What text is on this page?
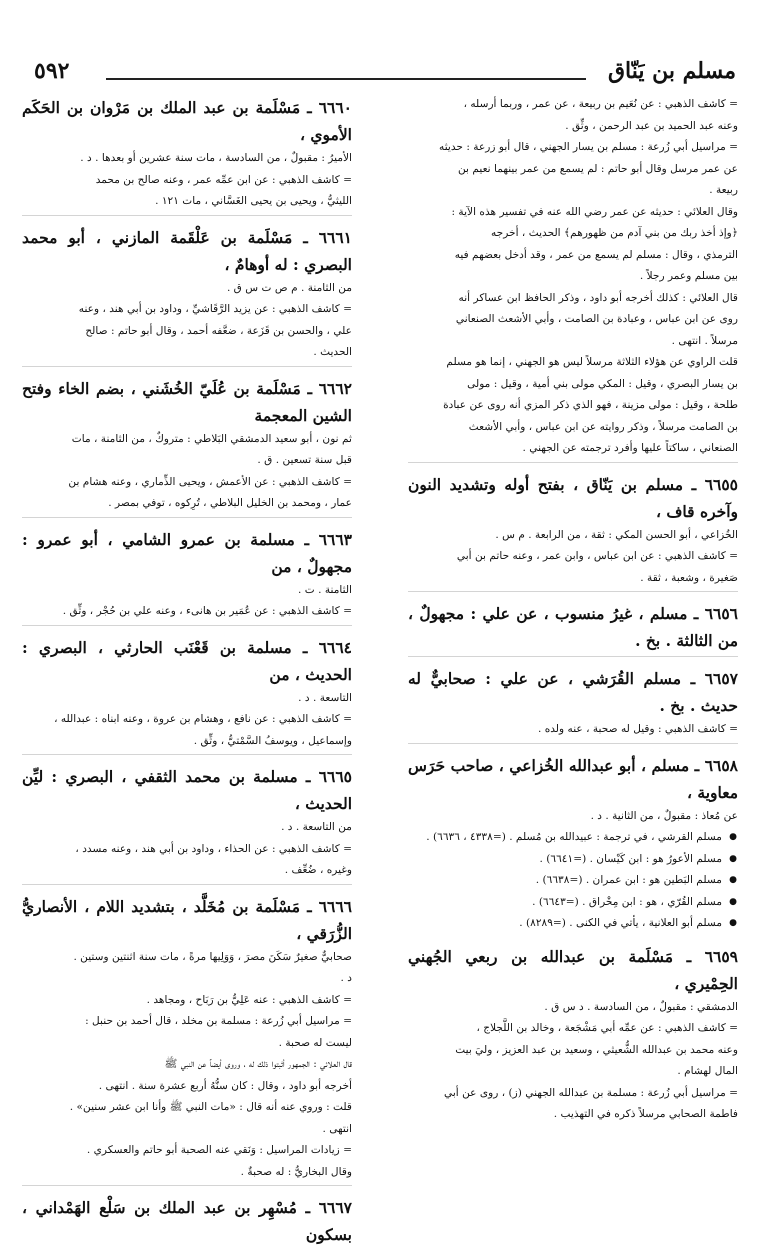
مسلم بن يَنّاق
٥٩٢

= كاشف الذهبي : عن نُعَيم بن ربيعة ، عن عمر ، وربما أرسله ،

وعنه عبد الحميد بن عبد الرحمن ، وثِّق .

= مراسيل أبي زُرعة : مسلم بن يسار الجهني ، قال أبو زرعة : حديثه

عن عمر مرسل وقال أبو حاتم : لم يسمع من عمر بينهما نعيم بن

ربيعة .

وقال العلائي : حديثه عن عمر رضي الله عنه في تفسير هذه الآية :

﴿وإذ أخذ ربك من بني آدم من ظهورهم﴾ الحديث ، أخرجه

الترمذي ، وقال : مسلم لم يسمع من عمر ، وقد أدخل بعضهم فيه

بين مسلم وعمر رجلاً .

قال العلائي : كذلك أخرجه أبو داود ، وذكر الحافظ ابن عساكر أنه

روى عن ابن عباس ، وعبادة بن الصامت ، وأبي الأشعث الصنعاني

مرسلاً . انتهى .

قلت الراوي عن هؤلاء الثلاثة مرسلاً ليس هو الجهني ، إنما هو مسلم

بن يسار البصري ، وقيل : المكي مولى بني أمية ، وقيل : مولى

طلحة ، وقيل : مولى مزينة ، فهو الذي ذكر المزي أنه روى عن عبادة

بن الصامت مرسلاً ، وذكر روايته عن ابن عباس ، وأبي الأشعث

الصنعاني ، ساكتاً عليها وأفرد ترجمته عن الجهني .

٦٦٥٥ ـ مسلم بن يَنّاق ، بفتح أوله وتشديد النون وآخره قاف ،

الخُزاعي ، أبو الحسن المكي : ثقة ، من الرابعة . م س .

= كاشف الذهبي : عن ابن عباس ، وابن عمر ، وعنه حاتم بن أبي

صَغيرة ، وشعبة ، ثقة .

٦٦٥٦ ـ مسلم ، غيرُ منسوب ، عن علي : مجهولٌ ، من الثالثة . بخ .

٦٦٥٧ ـ مسلم القُرَشي ، عن علي : صحابيٌّ له حديث . بخ .

= كاشف الذهبي : وقيل له صحبة ، عنه ولده .

٦٦٥٨ ـ مسلم ، أبو عبدالله الخُزاعي ، صاحب حَرَس معاوية ،

عن مُعاذ : مقبولٌ ، من الثانية . د .

● مسلم القرشي ، في ترجمة : عبيدالله بن مُسلم . (=٤٣٣٨ ، ٦٦٣٦) .
● مسلم الأعورُ هو : ابن كَيْسان . (=٦٦٤١) .
● مسلم البَطين هو : ابن عمران . (=٦٦٣٨) .
● مسلم القُرّي ، هو : ابن مِخْراق . (=٦٦٤٣) .
● مسلم أبو العلانية ، يأتي في الكنى . (=٨٢٨٩) .

٦٦٥٩ ـ مَسْلَمة بن عبدالله بن ربعي الجُهني الحِمْيري ،

الدمشقي : مقبولٌ ، من السادسة . د س ق .

= كاشف الذهبي : عن عمِّه أبي مَشْجَعة ، وخالد بن اللَّجلاج ،

وعنه محمد بن عبدالله الشُّعيثي ، وسعيد بن عبد العزيز ، وليَ بيت

المال لهشام .

= مراسيل أبي زُرعة : مسلمة بن عبدالله الجهني (ز) ، روى عن أبي

فاطمة الصحابي مرسلاً ذكره في التهذيب .

٦٦٦٠ ـ مَسْلَمة بن عبد الملك بن مَرْوان بن الحَكَم الأموي ،

الأميرُ : مقبولٌ ، من السادسة ، مات سنة عشرين أو بعدها . د .

= كاشف الذهبي : عن ابن عمِّه عمر ، وعنه صالح بن محمد

الليثيُّ ، ويحيى بن يحيى الغَسَّاني ، مات ١٢١ .

٦٦٦١ ـ مَسْلَمة بن عَلْقَمة المازني ، أبو محمد البصري : له أوهامٌ ،

من الثامنة . م ص ت س ق .

= كاشف الذهبي : عن يزيد الرَّقَاشيِّ ، وداود بن أبي هند ، وعنه

علي ، والحسن بن قَزَعة ، ضعَّفه أحمد ، وقال أبو حاتم : صالح

الحديث .

٦٦٦٢ ـ مَسْلَمة بن عُلَيّ الخُشَني ، بضم الخاء وفتح الشين المعجمة

ثم نون ، أبو سعيد الدمشقي البَلاطي : متروكٌ ، من الثامنة ، مات

قبل سنة تسعين . ق .

= كاشف الذهبي : عن الأعمش ، ويحيى الذِّماري ، وعنه هشام بن

عمار ، ومحمد بن الخليل البلاطي ، تُرِكوه ، توفي بمصر .

٦٦٦٣ ـ مسلمة بن عمرو الشامي ، أبو عمرو : مجهولٌ ، من

الثامنة . ت .

= كاشف الذهبي : عن عُمَير بن هانىء ، وعنه علي بن حُجْر ، وثِّق .

٦٦٦٤ ـ مسلمة بن قَعْنَب الحارثي ، البصري : الحديث ، من

التاسعة . د .

= كاشف الذهبي : عن نافع ، وهشام بن عروة ، وعنه ابناه : عبدالله ،

وإسماعيل ، ويوسفُ السَّمْتيُّ ، وثِّق .

٦٦٦٥ ـ مسلمة بن محمد الثقفي ، البصري : ليِّن الحديث ،

من التاسعة . د .

= كاشف الذهبي : عن الحذاء ، وداود بن أبي هند ، وعنه مسدد ،

وغيره ، ضُعِّف .

٦٦٦٦ ـ مَسْلَمة بن مُخَلَّد ، بتشديد اللام ، الأنصاريُّ الزُّرَقي ،

صحابيٌّ صغيرٌ سَكَنَ مصرَ ، وَوَلِيها مرةً ، مات سنة اثنتين وستين .

د .

= كاشف الذهبي : عنه عَلِيُّ بن رَبَاح ، ومجاهد .

= مراسيل أبي زُرعة : مسلمة بن مخلد ، قال أحمد بن حنبل :

ليست له صحبة .

قال العلائي : الجمهور أثبتوا ذلك له ، وروى أيضاً عن النبي ﷺ

أخرجه أبو داود ، وقال : كان سنُّهُ أربع عشرة سنة . انتهى .

قلت : وروي عنه أنه قال : «مات النبي ﷺ وأنا ابن عشر سنين» .

انتهى .

= زيادات المراسيل : وَنَقي عنه الصحبة أبو حاتم والعسكري .

وقال البخاريُّ : له صحبةٌ .

٦٦٦٧ ـ مُسْهِر بن عبد الملك بن سَلْع الهَمْداني ، بسكون
